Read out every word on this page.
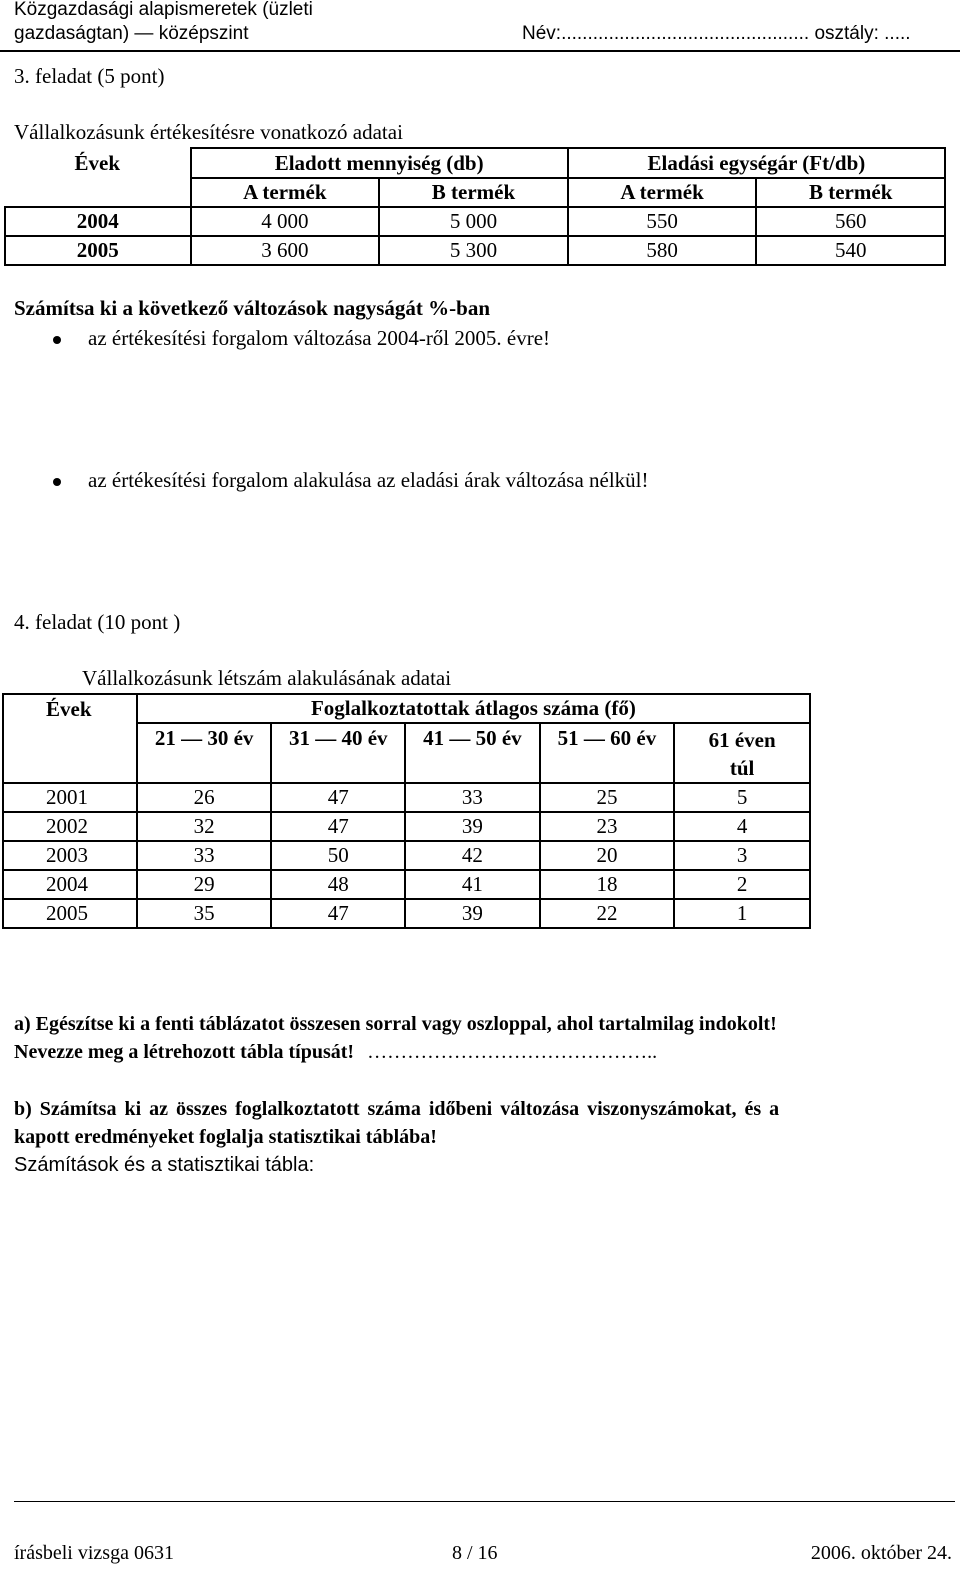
Közgazdasági alapismeretek (üzleti
gazdaságtan) — középszint	Név:............................................... osztály: .....
3. feladat (5 pont)
Vállalkozásunk értékesítésre vonatkozó adatai
Évek	Eladott mennyiség (db)		Eladási egységár (Ft/db)	
	A termék	B termék	A termék	B termék
2004	4 000	5 000	550	560
2005	3 600	5 300	580	540
Számítsa ki a következő változások nagyságát %-ban
az értékesítési forgalom változása 2004-ről 2005. évre!
az értékesítési forgalom alakulása az eladási árak változása nélkül!
4. feladat (10 pont )
Vállalkozásunk létszám alakulásának adatai
Évek	Foglalkoztatottak átlagos száma (fő)				
	21 — 30 év	31 — 40 év	41 — 50 év	51 — 60 év	61 éven
túl

2001	26	47	33	25	5
2002	32	47	39	23	4
2003	33	50	42	20	3
2004	29	48	41	18	2
2005	35	47	39	22	1
a) Egészítse ki a fenti táblázatot összesen sorral vagy oszloppal, ahol tartalmilag indokolt!
Nevezze meg a létrehozott tábla típusát! ……………………………………..
b) Számítsa ki az összes foglalkoztatott száma időbeni változása viszonyszámokat, és a
kapott eredményeket foglalja statisztikai táblába!
Számítások és a statisztikai tábla:
írásbeli vizsga 0631	8 / 16	2006. október 24.
